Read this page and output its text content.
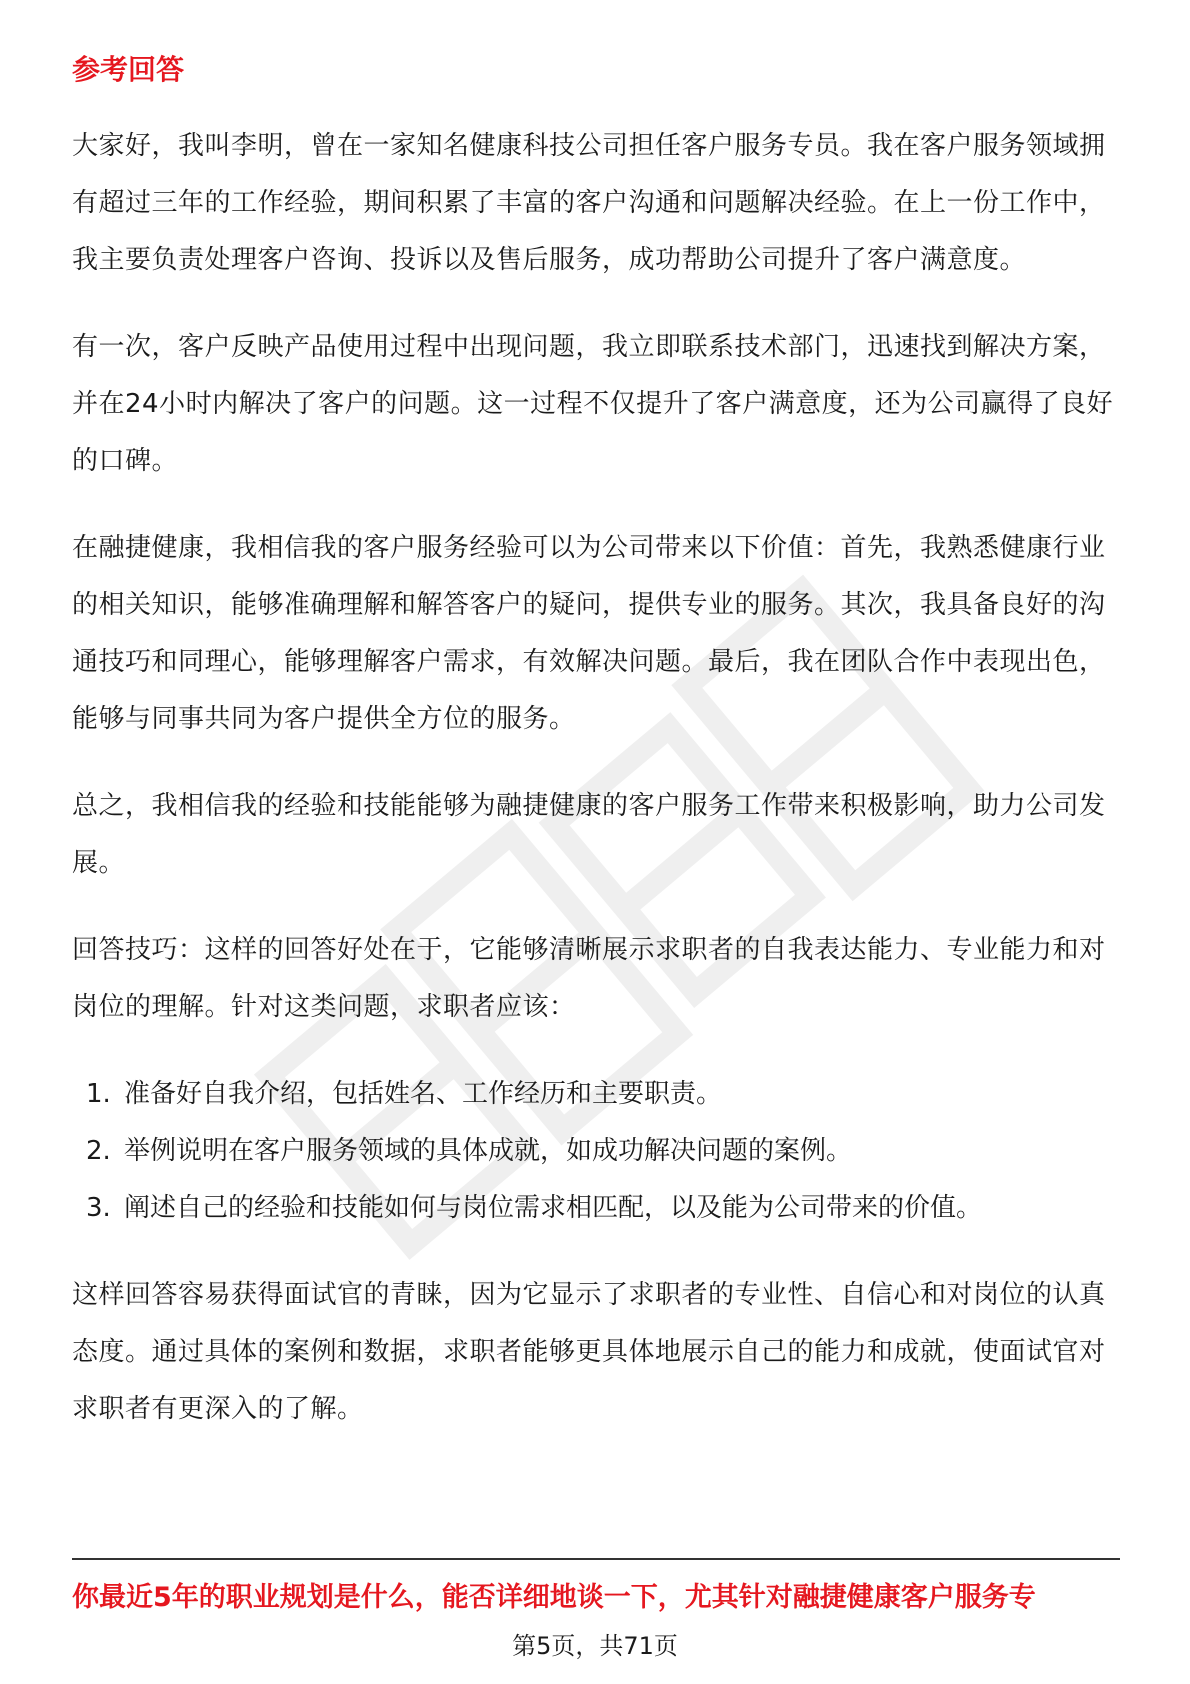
参考回答

大家好，我叫李明，曾在一家知名健康科技公司担任客户服务专员。我在客户服务领域拥有超过三年的工作经验，期间积累了丰富的客户沟通和问题解决经验。在上一份工作中，我主要负责处理客户咨询、投诉以及售后服务，成功帮助公司提升了客户满意度。

有一次，客户反映产品使用过程中出现问题，我立即联系技术部门，迅速找到解决方案，并在24小时内解决了客户的问题。这一过程不仅提升了客户满意度，还为公司赢得了良好的口碑。

在融捷健康，我相信我的客户服务经验可以为公司带来以下价值：首先，我熟悉健康行业的相关知识，能够准确理解和解答客户的疑问，提供专业的服务。其次，我具备良好的沟通技巧和同理心，能够理解客户需求，有效解决问题。最后，我在团队合作中表现出色，能够与同事共同为客户提供全方位的服务。

总之，我相信我的经验和技能能够为融捷健康的客户服务工作带来积极影响，助力公司发展。

回答技巧：这样的回答好处在于，它能够清晰展示求职者的自我表达能力、专业能力和对岗位的理解。针对这类问题，求职者应该：

1. 准备好自我介绍，包括姓名、工作经历和主要职责。
2. 举例说明在客户服务领域的具体成就，如成功解决问题的案例。
3. 阐述自己的经验和技能如何与岗位需求相匹配，以及能为公司带来的价值。

这样回答容易获得面试官的青睐，因为它显示了求职者的专业性、自信心和对岗位的认真态度。通过具体的案例和数据，求职者能够更具体地展示自己的能力和成就，使面试官对求职者有更深入的了解。

你最近5年的职业规划是什么，能否详细地谈一下，尤其针对融捷健康客户服务专
第5页，共71页
